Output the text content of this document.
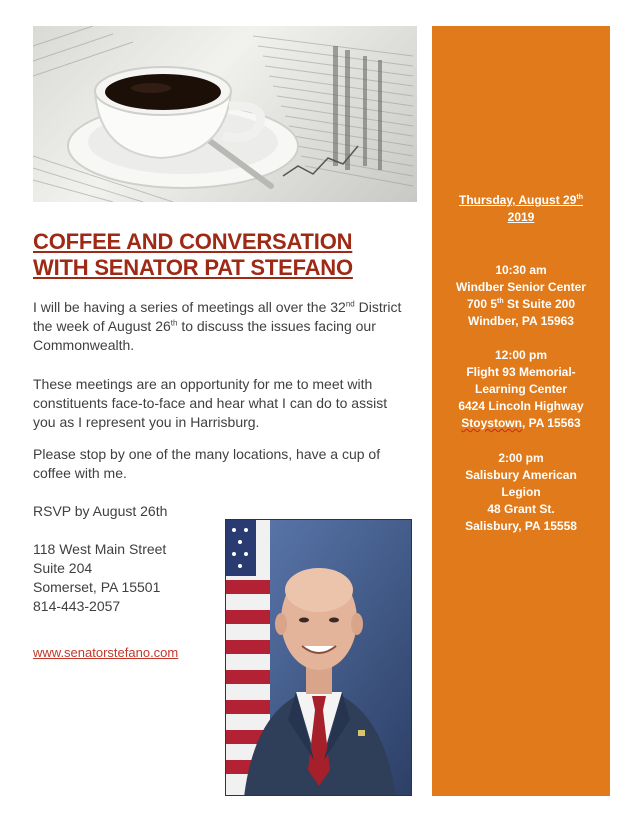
COFFEE AND CONVERSATION
WITH SENATOR PAT STEFANO
I will be having a series of meetings all over the 32nd District the week of August 26th to discuss the issues facing our Commonwealth.
These meetings are an opportunity for me to meet with constituents face-to-face and hear what I can do to assist you as I represent you in Harrisburg.
Please stop by one of the many locations, have a cup of coffee with me.
RSVP by August 26th
118 West Main Street
Suite 204
Somerset, PA 15501
814-443-2057
www.senatorstefano.com
Thursday, August 29th
2019
10:30 am
Windber Senior Center
700 5th St Suite 200
Windber, PA 15963
12:00 pm
Flight 93 Memorial-
Learning Center
6424 Lincoln Highway
Stoystown, PA 15563
2:00 pm
Salisbury American
Legion
48 Grant St.
Salisbury, PA 15558
